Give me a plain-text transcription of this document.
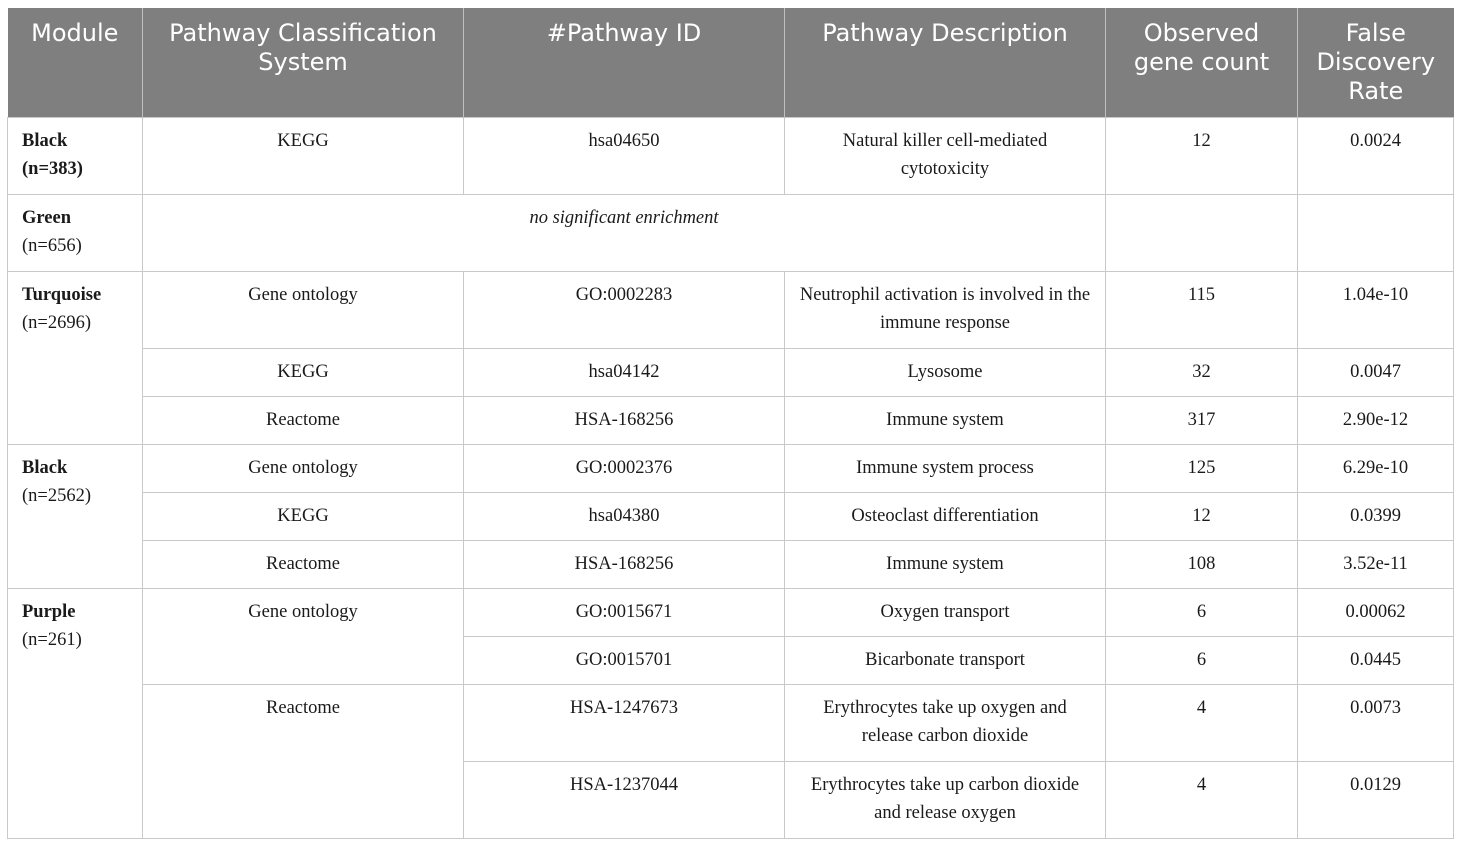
Module	Pathway Classification System	#Pathway ID	Pathway Description	Observed gene count	False Discovery Rate

Black
(n=383)	KEGG	hsa04650	Natural killer cell-mediated cytotoxicity	12	0.0024

Green
(n=656)	no significant enrichment				

Turquoise
(n=2696)	Gene ontology	GO:0002283	Neutrophil activation is involved in the immune response	115	1.04e-10
	KEGG	hsa04142	Lysosome	32	0.0047
	Reactome	HSA-168256	Immune system	317	2.90e-12

Black
(n=2562)	Gene ontology	GO:0002376	Immune system process	125	6.29e-10
	KEGG	hsa04380	Osteoclast differentiation	12	0.0399
	Reactome	HSA-168256	Immune system	108	3.52e-11

Purple
(n=261)	Gene ontology	GO:0015671	Oxygen transport	6	0.00062
		GO:0015701	Bicarbonate transport	6	0.0445
	Reactome	HSA-1247673	Erythrocytes take up oxygen and release carbon dioxide	4	0.0073
		HSA-1237044	Erythrocytes take up carbon dioxide and release oxygen	4	0.0129
